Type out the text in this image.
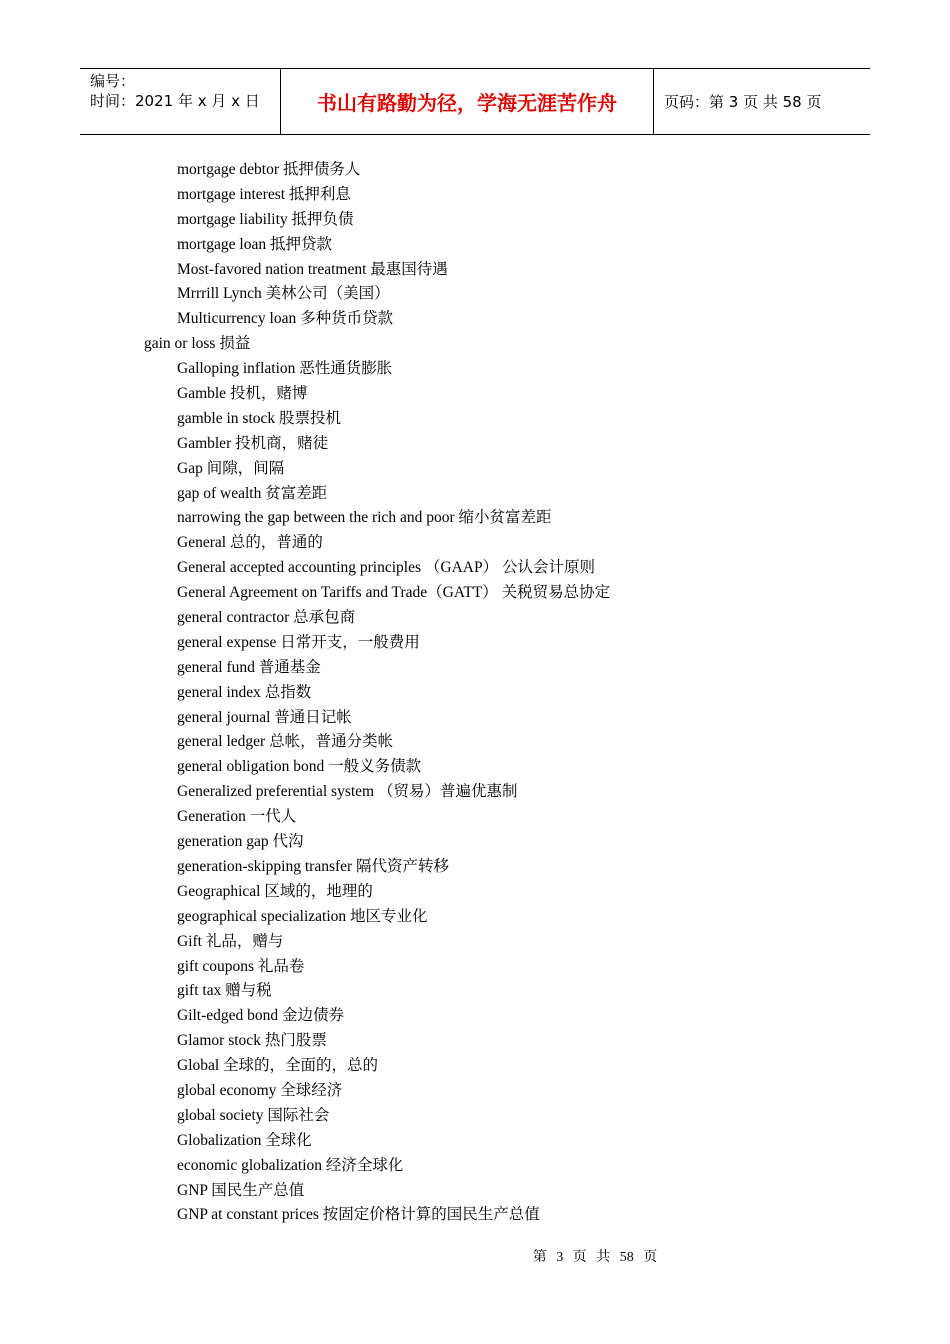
编号：
时间：2021 年 x 月 x 日	书山有路勤为径，学海无涯苦作舟	页码：第 3 页 共 58 页
mortgage debtor 抵押债务人
mortgage interest 抵押利息
mortgage liability 抵押负债
mortgage loan 抵押贷款
Most-favored nation treatment 最惠国待遇
Mrrrill Lynch 美林公司（美国）
Multicurrency loan 多种货币贷款
gain or loss 损益
Galloping inflation 恶性通货膨胀
Gamble 投机，赌博
gamble in stock 股票投机
Gambler 投机商，赌徒
Gap 间隙，间隔
gap of wealth 贫富差距
narrowing the gap between the rich and poor 缩小贫富差距
General 总的，普通的
General accepted accounting principles （GAAP） 公认会计原则
General Agreement on Tariffs and Trade（GATT） 关税贸易总协定
general contractor 总承包商
general expense 日常开支，一般费用
general fund 普通基金
general index 总指数
general journal 普通日记帐
general ledger 总帐，普通分类帐
general obligation bond 一般义务债款
Generalized preferential system （贸易）普遍优惠制
Generation 一代人
generation gap 代沟
generation-skipping transfer 隔代资产转移
Geographical 区域的，地理的
geographical specialization 地区专业化
Gift 礼品，赠与
gift coupons 礼品卷
gift tax 赠与税
Gilt-edged bond 金边债券
Glamor stock 热门股票
Global 全球的，全面的，总的
global economy 全球经济
global society 国际社会
Globalization 全球化
economic globalization 经济全球化
GNP 国民生产总值
GNP at constant prices 按固定价格计算的国民生产总值
第 3 页 共 58 页
